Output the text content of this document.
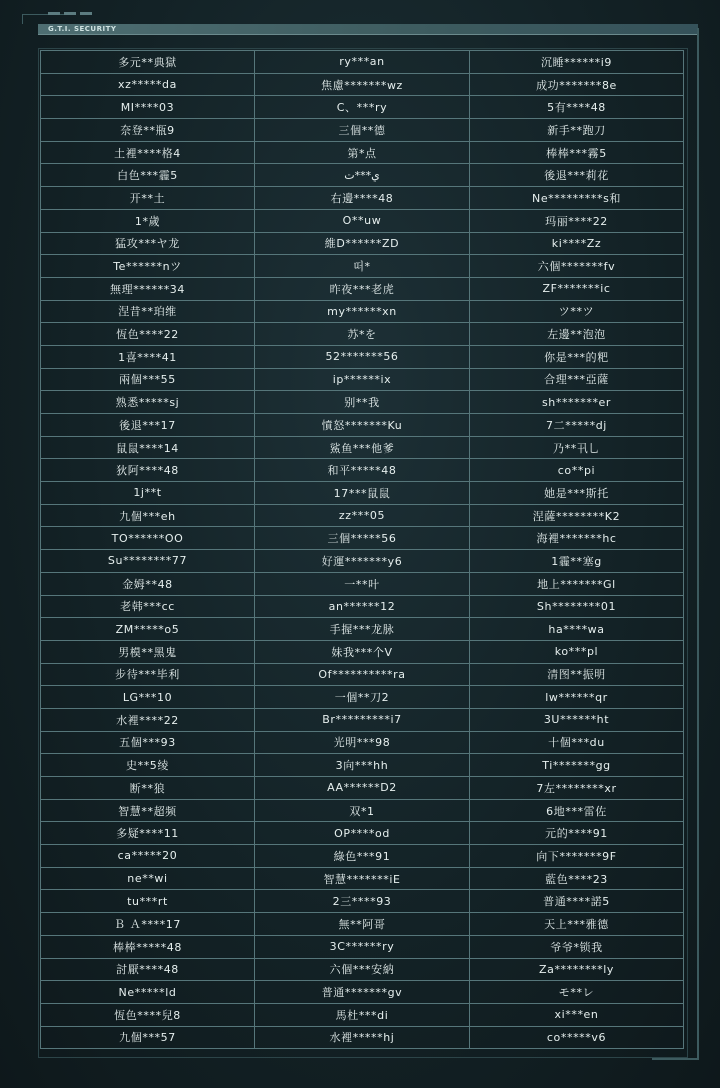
G.T.I. SECURITY
多元**典獄	ry***an	沉睡******i9
xz*****da	焦慮*******wz	成功*******8e
MI****03	C、***ry	5有****48
奈登**瓶9	三個**德	新手**跑刀
土裡****格4	第*点	棒棒***霧5
白色***霾5	ي***ت	後退***莉花
开**土	右邊****48	Ne*********s和
1*歲	O**uw	玛丽****22
猛攻***ヤ龙	維D******ZD	ki****Zz
Te******nツ	떠*	六個*******fv
無理******34	昨夜***老虎	ZF*******ic
涅昔**珀维	my******xn	ツ**ツ
恆色****22	苏*を	左邊**泡泡
1喜****41	52*******56	你是***的粑
兩個***55	ip******ix	合理***亞薩
熟悉*****sj	别**我	sh*******er
後退***17	憤怒*******Ku	7二*****dj
鼠鼠****14	鯊鱼***他爹	乃**卂乚
狄阿****48	和平*****48	co**pi
1j**t	17***鼠鼠	她是***斯托
九個***eh	zz***05	涅薩********K2
TO******OO	三個*****56	海裡*******hc
Su********77	好運*******y6	1霾**塞g
金姆**48	一**叶	地上*******Gl
老韩***cc	an******12	Sh********01
ZM*****o5	手握***龙脉	ha****wa
男模**黑鬼	妹我***个V	ko***pl
步待***毕利	Of**********ra	清图**振明
LG***10	一個**刀2	lw******qr
水裡****22	Br*********i7	3U******ht
五個***93	光明***98	十個***du
史**5绫	3向***hh	Ti*******gg
断**狼	AA******D2	7左********xr
智慧**超频	双*1	6地***雷佐
多疑****11	OP****od	元的****91
ca*****20	綠色***91	向下*******9F
ne**wi	智慧*******iE	藍色****23
tu***rt	2三****93	普通****諾5
Ｂ Ａ****17	無**阿哥	天上***雅德
棒棒*****48	3C******ry	爷爷*锁我
討厭****48	六個***安納	Za********ly
Ne*****ld	普通*******gv	モ**レ
恆色****兒8	馬杜***di	xi***en
九個***57	水裡*****hj	co*****v6
